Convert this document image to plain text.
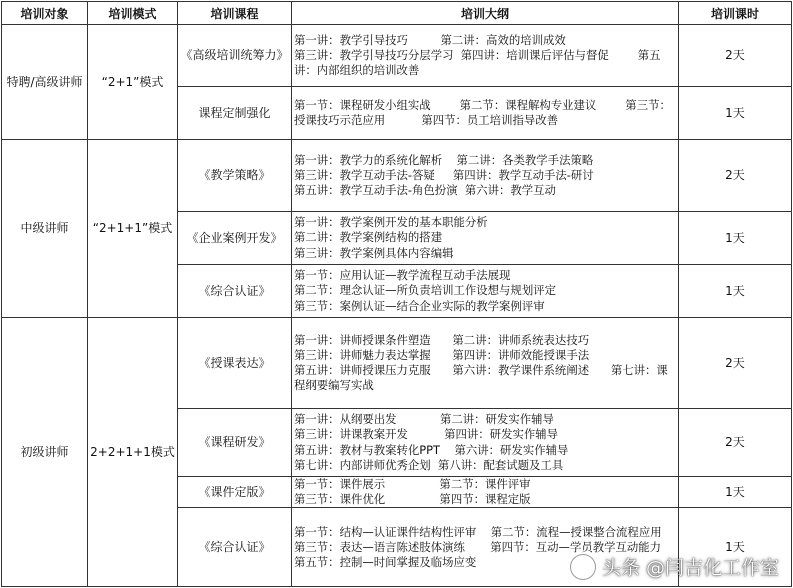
培训对象	培训模式	培训课程	培训大纲	培训课时
特聘/高级讲师	“2+1”模式	《高级培训统筹力》	第一讲：教学引导技巧         第二讲：高效的培训成效
第三讲：教学引导技巧分层学习  第四讲：培训课后评估与督促        第五讲：内部组织的培训改善	2天
		课程定制强化	第一节：课程研发小组实战        第二节：课程解构专业建议        第三节：授课技巧示范应用          第四节：员工培训指导改善	1天
中级讲师	“2+1+1”模式	《教学策略》	第一讲：教学力的系统化解析    第二讲：各类教学手法策略
第三讲：教学互动手法-答疑     第四讲：教学互动手法-研讨
第五讲：教学互动手法-角色扮演  第六讲：教学互动	2天
		《企业案例开发》	第一讲：教学案例开发的基本职能分析
第二讲：教学案例结构的搭建
第三讲：教学案例具体内容编辑	1天
		《综合认证》	第一节：应用认证—教学流程互动手法展现
第二节：理念认证—所负责培训工作设想与规划评定
第三节：案例认证—结合企业实际的教学案例评审	1天
初级讲师	2+2+1+1模式	《授课表达》	第一讲：讲师授课条件塑造      第二讲：讲师系统表达技巧
第三讲：讲师魅力表达掌握      第四讲：讲师效能授课手法
第五讲：讲师授课压力克服      第六讲：教学课件系统阐述      第七讲：课程纲要编写实战	2天
		《课程研发》	第一讲：从纲要出发            第二讲：研发实作辅导
第三讲：讲课教案开发          第四讲：研发实作辅导
第五讲：教材与教案转化PPT    第六讲：研发实作辅导
第七讲：内部讲师优秀企划  第八讲：配套试题及工具	2天
		《课件定版》	第一节：课件展示               第二节：课件评审
第三节：课件优化               第四节：课程定版	1天
		《综合认证》	第一节：结构—认证课件结构性评审    第二节：流程—授课整合流程应用
第三节：表达—语言陈述肢体演练       第四节：互动—学员教学互动能力
第五节：控制—时间掌握及临场应变	1天
头条 @闫吉化工作室
